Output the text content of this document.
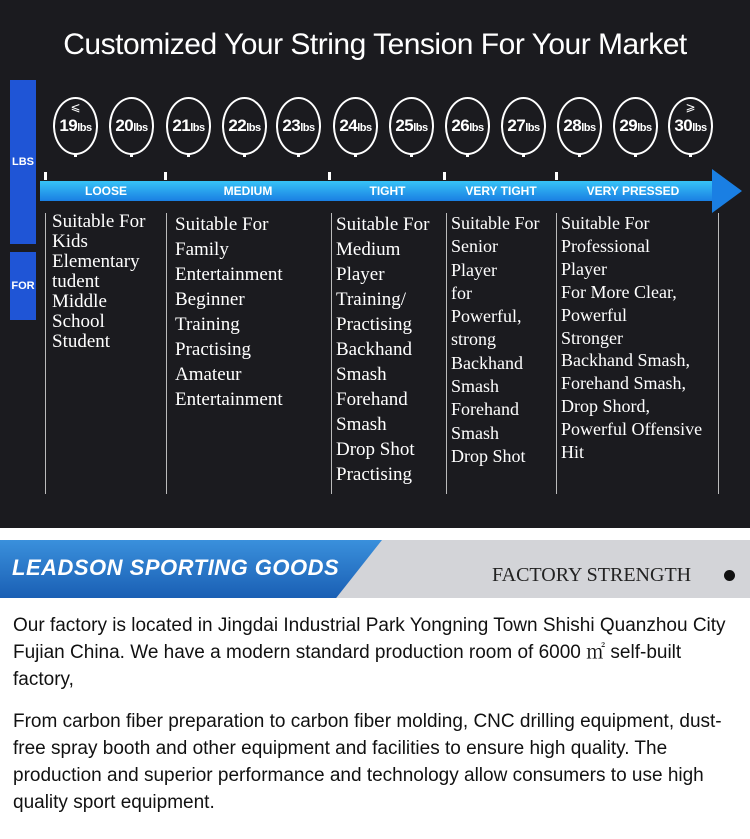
Customized Your String Tension For Your Market
LBS
FOR
⩽
19lbs	20lbs	21lbs	22lbs	23lbs	24lbs	25lbs	26lbs	27lbs	28lbs	29lbs
⩾
30lbs
LOOSE	MEDIUM	TIGHT	VERY TIGHT	VERY PRESSED
Suitable For
Kids
Elementary
tudent
Middle
School
Student
Suitable For
Family
Entertainment
Beginner
Training
Practising
Amateur
Entertainment
Suitable For
Medium
Player
Training/
Practising
Backhand
Smash
Forehand
Smash
Drop Shot
Practising
Suitable For
Senior
Player
for
Powerful,
strong
Backhand
Smash
Forehand
Smash
Drop Shot
Suitable For
Professional
Player
For More Clear,
Powerful
Stronger
Backhand Smash,
Forehand Smash,
Drop Shord,
Powerful Offensive
Hit
LEADSON SPORTING GOODS	FACTORY STRENGTH
Our factory is located in Jingdai Industrial Park Yongning Town Shishi Quanzhou City Fujian China. We have a modern standard production room of 6000 ㎡ self-built factory,
From carbon fiber preparation to carbon fiber molding, CNC drilling equipment, dust-free spray booth and other equipment and facilities to ensure high quality. The production and superior performance and technology allow consumers to use high quality sport equipment.
